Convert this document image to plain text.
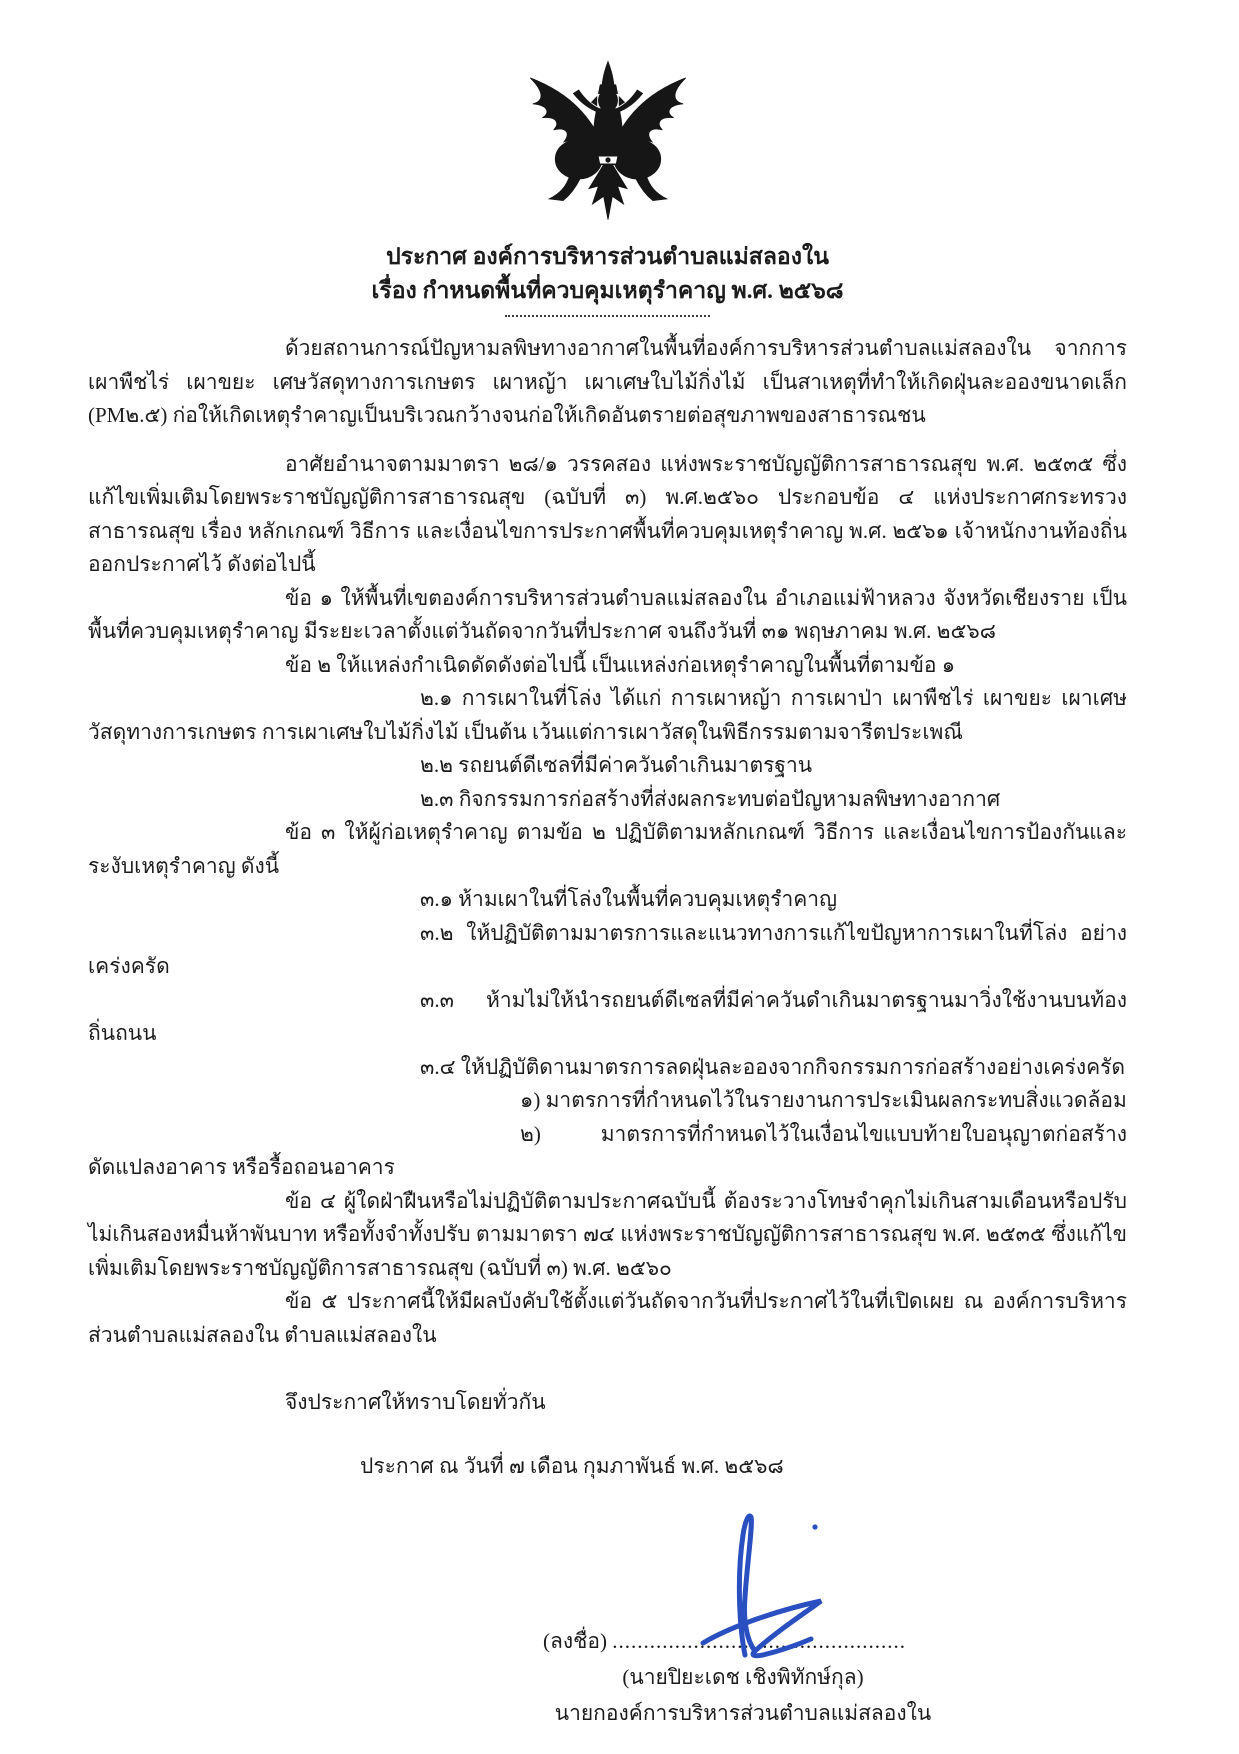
ประกาศ องค์การบริหารส่วนตำบลแม่สลองใน
เรื่อง กำหนดพื้นที่ควบคุมเหตุรำคาญ พ.ศ. ๒๕๖๘
ด้วยสถานการณ์ปัญหามลพิษทางอากาศในพื้นที่องค์การบริหารส่วนตำบลแม่สลองใน จากการเผาพืชไร่ เผาขยะ เศษวัสดุทางการเกษตร เผาหญ้า เผาเศษใบไม้กิ่งไม้ เป็นสาเหตุที่ทำให้เกิดฝุ่นละอองขนาดเล็ก (PM๒.๕) ก่อให้เกิดเหตุรำคาญเป็นบริเวณกว้างจนก่อให้เกิดอันตรายต่อสุขภาพของสาธารณชน
อาศัยอำนาจตามมาตรา ๒๘/๑ วรรคสอง แห่งพระราชบัญญัติการสาธารณสุข พ.ศ. ๒๕๓๕ ซึ่งแก้ไขเพิ่มเติมโดยพระราชบัญญัติการสาธารณสุข (ฉบับที่ ๓) พ.ศ.๒๕๖๐ ประกอบข้อ ๔ แห่งประกาศกระทรวงสาธารณสุข เรื่อง หลักเกณฑ์ วิธีการ และเงื่อนไขการประกาศพื้นที่ควบคุมเหตุรำคาญ พ.ศ. ๒๕๖๑ เจ้าหนักงานท้องถิ่นออกประกาศไว้ ดังต่อไปนี้
ข้อ ๑ ให้พื้นที่เขตองค์การบริหารส่วนตำบลแม่สลองใน อำเภอแม่ฟ้าหลวง จังหวัดเชียงราย เป็นพื้นที่ควบคุมเหตุรำคาญ มีระยะเวลาตั้งแต่วันถัดจากวันที่ประกาศ จนถึงวันที่ ๓๑ พฤษภาคม พ.ศ. ๒๕๖๘
ข้อ ๒ ให้แหล่งกำเนิดดัดดังต่อไปนี้ เป็นแหล่งก่อเหตุรำคาญในพื้นที่ตามข้อ ๑
๒.๑ การเผาในที่โล่ง ได้แก่ การเผาหญ้า การเผาป่า เผาพืชไร่ เผาขยะ เผาเศษวัสดุทางการเกษตร การเผาเศษใบไม้กิ่งไม้ เป็นต้น เว้นแต่การเผาวัสดุในพิธีกรรมตามจารีตประเพณี
๒.๒ รถยนต์ดีเซลที่มีค่าควันดำเกินมาตรฐาน
๒.๓ กิจกรรมการก่อสร้างที่ส่งผลกระทบต่อปัญหามลพิษทางอากาศ
ข้อ ๓ ให้ผู้ก่อเหตุรำคาญ ตามข้อ ๒ ปฏิบัติตามหลักเกณฑ์ วิธีการ และเงื่อนไขการป้องกันและระงับเหตุรำคาญ ดังนี้
๓.๑ ห้ามเผาในที่โล่งในพื้นที่ควบคุมเหตุรำคาญ
๓.๒ ให้ปฏิบัติตามมาตรการและแนวทางการแก้ไขปัญหาการเผาในที่โล่ง อย่างเคร่งครัด
๓.๓ ห้ามไม่ให้นำรถยนต์ดีเซลที่มีค่าควันดำเกินมาตรฐานมาวิ่งใช้งานบนท้องถิ่นถนน
๓.๔ ให้ปฏิบัติดานมาตรการลดฝุ่นละอองจากกิจกรรมการก่อสร้างอย่างเคร่งครัด
๑) มาตรการที่กำหนดไว้ในรายงานการประเมินผลกระทบสิ่งแวดล้อม
๒) มาตรการที่กำหนดไว้ในเงื่อนไขแบบท้ายใบอนุญาตก่อสร้าง ดัดแปลงอาคาร หรือรื้อถอนอาคาร
ข้อ ๔ ผู้ใดฝ่าฝืนหรือไม่ปฏิบัติตามประกาศฉบับนี้ ต้องระวางโทษจำคุกไม่เกินสามเดือนหรือปรับไม่เกินสองหมื่นห้าพันบาท หรือทั้งจำทั้งปรับ ตามมาตรา ๗๔ แห่งพระราชบัญญัติการสาธารณสุข พ.ศ. ๒๕๓๕ ซึ่งแก้ไขเพิ่มเติมโดยพระราชบัญญัติการสาธารณสุข (ฉบับที่ ๓) พ.ศ. ๒๕๖๐
ข้อ ๕ ประกาศนี้ให้มีผลบังคับใช้ตั้งแต่วันถัดจากวันที่ประกาศไว้ในที่เปิดเผย ณ องค์การบริหารส่วนตำบลแม่สลองใน ตำบลแม่สลองใน
จึงประกาศให้ทราบโดยทั่วกัน
ประกาศ ณ วันที่ ๗ เดือน กุมภาพันธ์ พ.ศ. ๒๕๖๘
(ลงชื่อ) ...............................................
(นายปิยะเดช เชิงพิทักษ์กุล)
นายกองค์การบริหารส่วนตำบลแม่สลองใน
